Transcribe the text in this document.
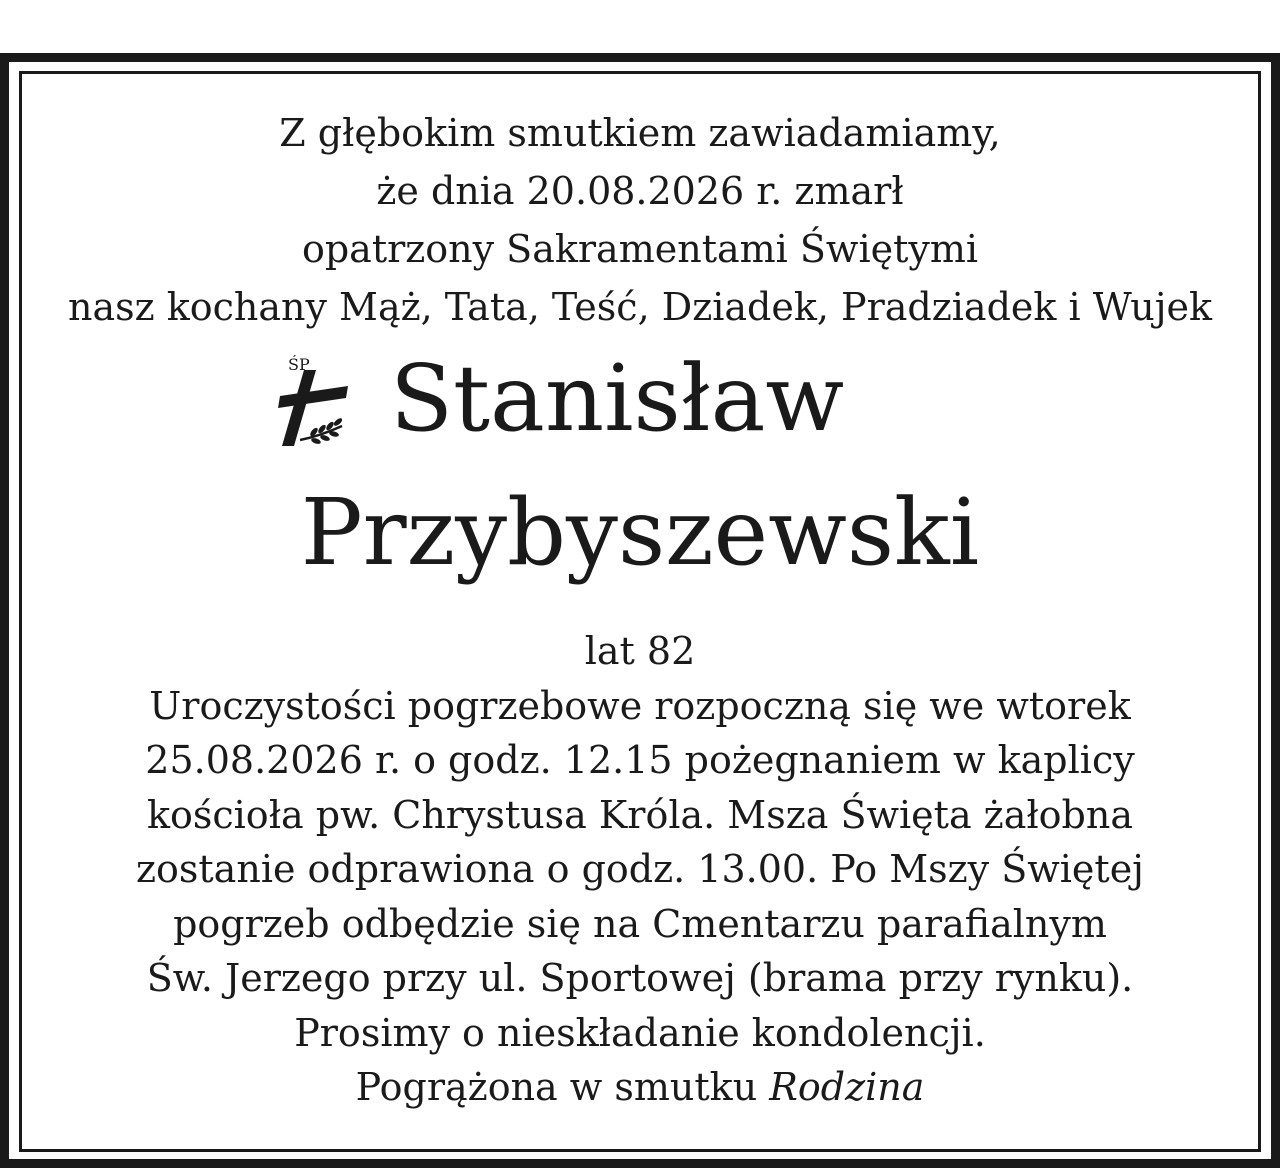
Z głębokim smutkiem zawiadamiamy,
że dnia 20.08.2026 r. zmarł
opatrzony Sakramentami Świętymi
nasz kochany Mąż, Tata, Teść, Dziadek, Pradziadek i Wujek
ŚP Stanisław
Przybyszewski
lat 82
Uroczystości pogrzebowe rozpoczną się we wtorek
25.08.2026 r. o godz. 12.15 pożegnaniem w kaplicy
kościoła pw. Chrystusa Króla. Msza Święta żałobna
zostanie odprawiona o godz. 13.00. Po Mszy Świętej
pogrzeb odbędzie się na Cmentarzu parafialnym
Św. Jerzego przy ul. Sportowej (brama przy rynku).
Prosimy o nieskładanie kondolencji.
Pogrążona w smutku Rodzina
